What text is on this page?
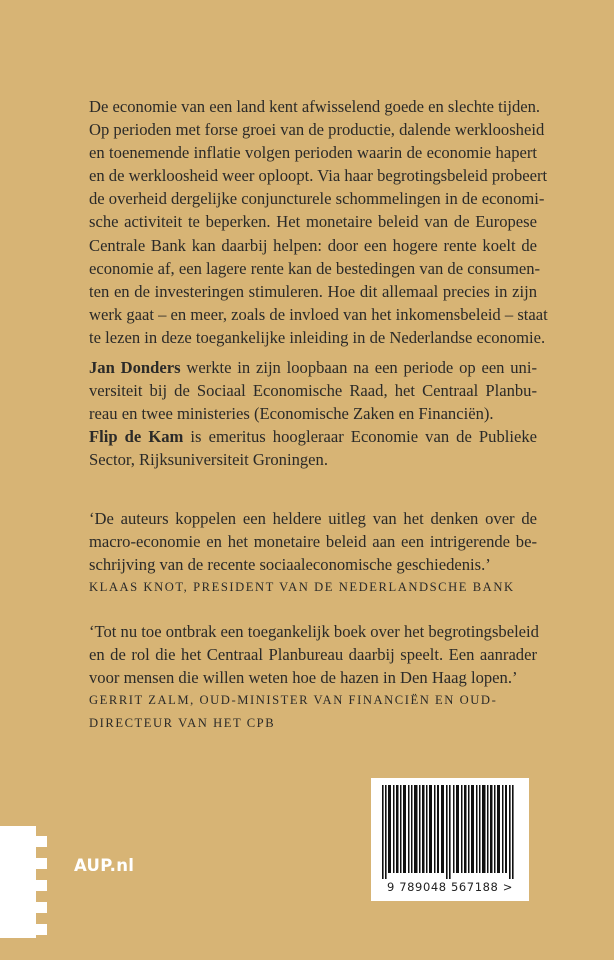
De economie van een land kent afwisselend goede en slechte tijden.
Op perioden met forse groei van de productie, dalende werkloosheid
en toenemende inflatie volgen perioden waarin de economie hapert
en de werkloosheid weer oploopt. Via haar begrotingsbeleid probeert
de overheid dergelijke conjuncturele schommelingen in de economi-
sche activiteit te beperken. Het monetaire beleid van de Europese
Centrale Bank kan daarbij helpen: door een hogere rente koelt de
economie af, een lagere rente kan de bestedingen van de consumen-
ten en de investeringen stimuleren. Hoe dit allemaal precies in zijn
werk gaat – en meer, zoals de invloed van het inkomensbeleid – staat
te lezen in deze toegankelijke inleiding in de Nederlandse economie.

Jan Donders werkte in zijn loopbaan na een periode op een uni-
versiteit bij de Sociaal Economische Raad, het Centraal Planbu-
reau en twee ministeries (Economische Zaken en Financiën).
Flip de Kam is emeritus hoogleraar Economie van de Publieke
Sector, Rijksuniversiteit Groningen.

‘De auteurs koppelen een heldere uitleg van het denken over de
macro-economie en het monetaire beleid aan een intrigerende be-
schrijving van de recente sociaaleconomische geschiedenis.’

KLAAS KNOT, PRESIDENT VAN DE NEDERLANDSCHE BANK

‘Tot nu toe ontbrak een toegankelijk boek over het begrotingsbeleid
en de rol die het Centraal Planbureau daarbij speelt. Een aanrader
voor mensen die willen weten hoe de hazen in Den Haag lopen.’

GERRIT ZALM, OUD-MINISTER VAN FINANCIËN EN OUD-
DIRECTEUR VAN HET CPB
AUP.nl
9 789048 567188 >
